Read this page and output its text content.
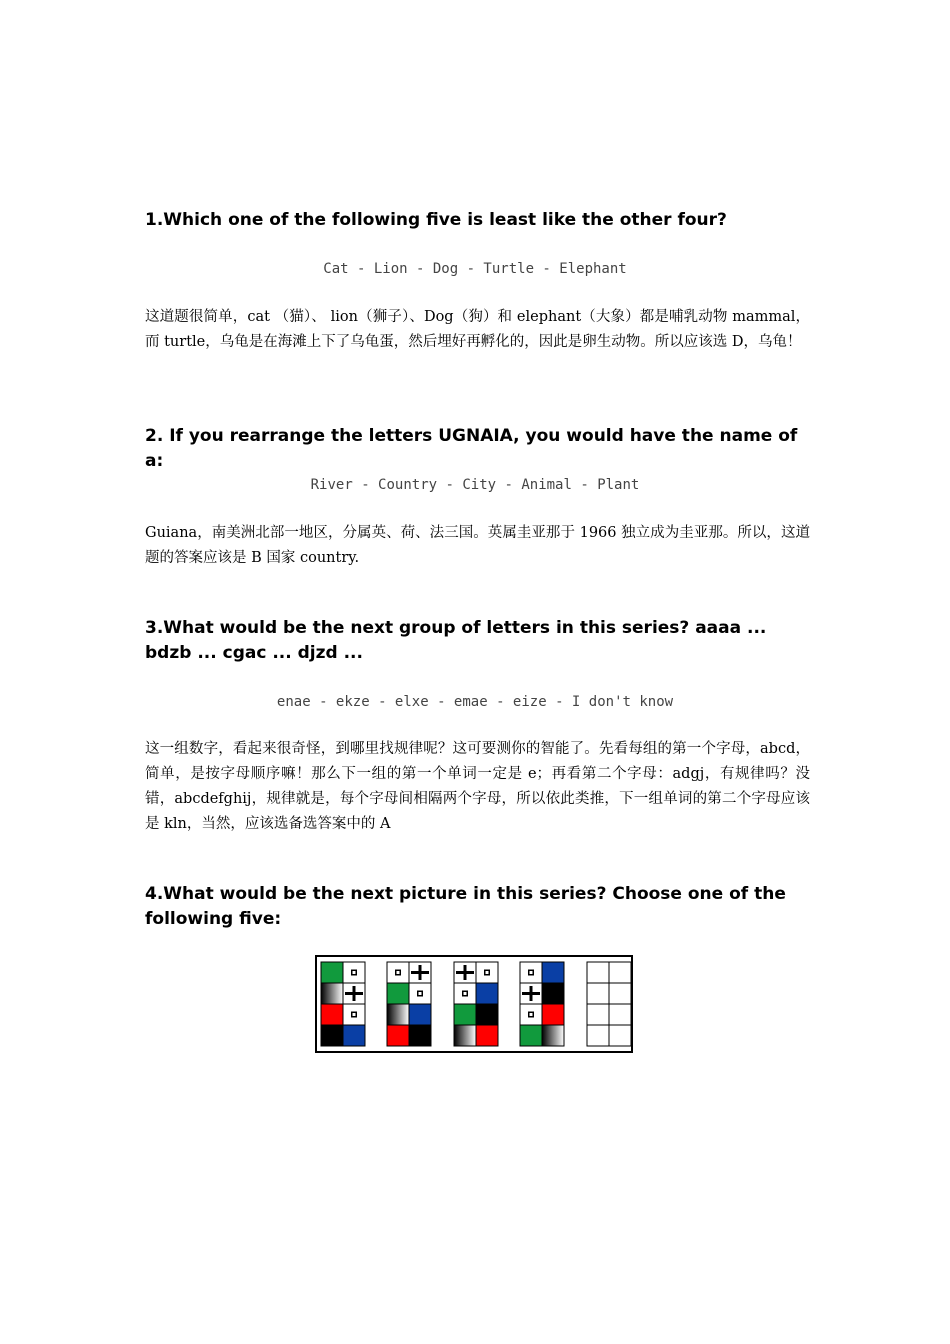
1.Which one of the following five is least like the other four?
Cat - Lion - Dog - Turtle - Elephant
这道题很简单，cat （猫）、 lion（狮子）、Dog（狗）和 elephant（大象）都是哺乳动物 mammal，而 turtle，乌龟是在海滩上下了乌龟蛋，然后埋好再孵化的，因此是卵生动物。所以应该选 D，乌龟！
2. If you rearrange the letters UGNAIA, you would have the name of a:
River - Country - City - Animal - Plant
Guiana，南美洲北部一地区，分属英、荷、法三国。英属圭亚那于 1966 独立成为圭亚那。所以，这道题的答案应该是 B 国家 country.
3.What would be the next group of letters in this series? aaaa ... bdzb ... cgac ... djzd ...
enae - ekze - elxe - emae - eize - I don't know
这一组数字，看起来很奇怪，到哪里找规律呢？这可要测你的智能了。先看每组的第一个字母，abcd，简单，是按字母顺序嘛！那么下一组的第一个单词一定是 e；再看第二个字母：adgj，有规律吗？没错，abcdefghij，规律就是，每个字母间相隔两个字母，所以依此类推，下一组单词的第二个字母应该是 kln，当然，应该选备选答案中的 A
4.What would be the next picture in this series? Choose one of the following five:
